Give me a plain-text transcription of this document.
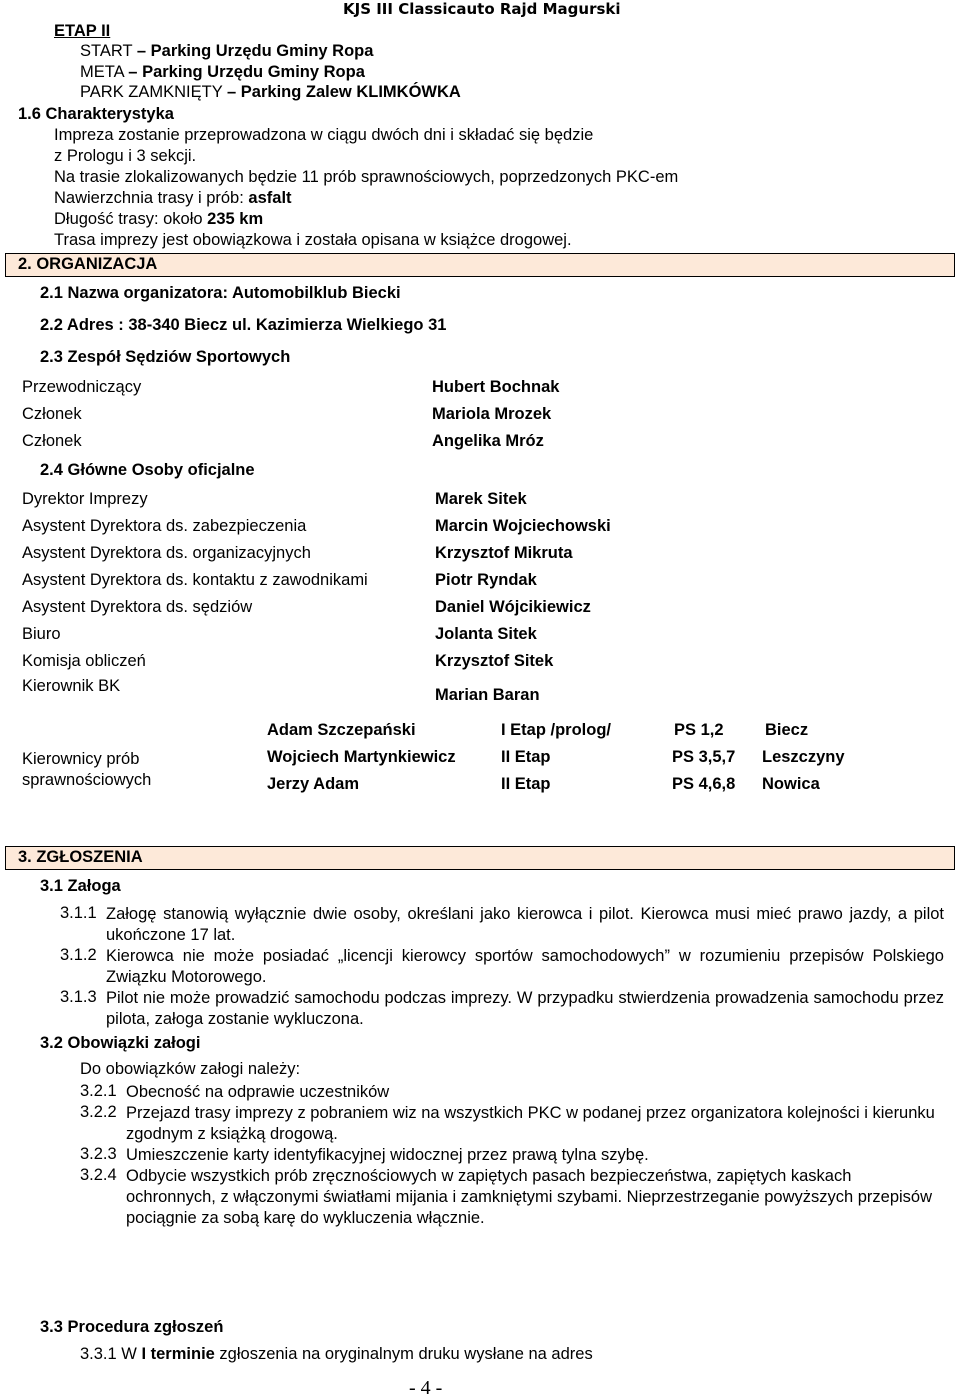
KJS III Classicauto Rajd Magurski
ETAP II
START – Parking Urzędu Gminy Ropa
META – Parking Urzędu Gminy Ropa
PARK ZAMKNIĘTY – Parking Zalew KLIMKÓWKA
1.6 Charakterystyka
Impreza zostanie przeprowadzona w ciągu dwóch dni i składać się będzie
z Prologu i 3 sekcji.
Na trasie zlokalizowanych będzie 11 prób sprawnościowych, poprzedzonych PKC-em
Nawierzchnia trasy i prób: asfalt
Długość trasy: około 235 km
Trasa imprezy jest obowiązkowa i została opisana w książce drogowej.
2. ORGANIZACJA
2.1 Nazwa organizatora: Automobilklub Biecki
2.2 Adres : 38-340 Biecz ul. Kazimierza Wielkiego 31
2.3 Zespół Sędziów Sportowych
Przewodniczący	Hubert Bochnak
Członek	Mariola Mrozek
Członek	Angelika Mróz
2.4 Główne Osoby oficjalne
Dyrektor Imprezy	Marek Sitek
Asystent Dyrektora ds. zabezpieczenia	Marcin Wojciechowski
Asystent Dyrektora ds. organizacyjnych	Krzysztof Mikruta
Asystent Dyrektora ds. kontaktu z zawodnikami	Piotr Ryndak
Asystent Dyrektora ds. sędziów	Daniel Wójcikiewicz
Biuro	Jolanta Sitek
Komisja obliczeń	Krzysztof Sitek
Kierownik BK	Marian Baran
Kierownicy prób
sprawnościowych
Adam Szczepański	I Etap /prolog/	PS 1,2	Biecz
Wojciech Martynkiewicz	II Etap	PS 3,5,7 Leszczyny
Jerzy Adam	II Etap	PS 4,6,8 Nowica
3. ZGŁOSZENIA
3.1 Załoga
3.1.1 Załogę stanowią wyłącznie dwie osoby, określani jako kierowca i pilot. Kierowca musi mieć prawo jazdy, a pilot ukończone 17 lat.
3.1.2 Kierowca nie może posiadać „licencji kierowcy sportów samochodowych” w rozumieniu przepisów Polskiego Związku Motorowego.
3.1.3 Pilot nie może prowadzić samochodu podczas imprezy. W przypadku stwierdzenia prowadzenia samochodu przez pilota, załoga zostanie wykluczona.
3.2 Obowiązki załogi
Do obowiązków załogi należy:
3.2.1 Obecność na odprawie uczestników
3.2.2 Przejazd trasy imprezy z pobraniem wiz na wszystkich PKC w podanej przez organizatora kolejności i kierunku zgodnym z książką drogową.
3.2.3 Umieszczenie karty identyfikacyjnej widocznej przez prawą tylna szybę.
3.2.4 Odbycie wszystkich prób zręcznościowych w zapiętych pasach bezpieczeństwa, zapiętych kaskach ochronnych, z włączonymi światłami mijania i zamkniętymi szybami. Nieprzestrzeganie powyższych przepisów pociągnie za sobą karę do wykluczenia włącznie.
3.3 Procedura zgłoszeń
3.3.1 W I terminie zgłoszenia na oryginalnym druku wysłane na adres
- 4 -
